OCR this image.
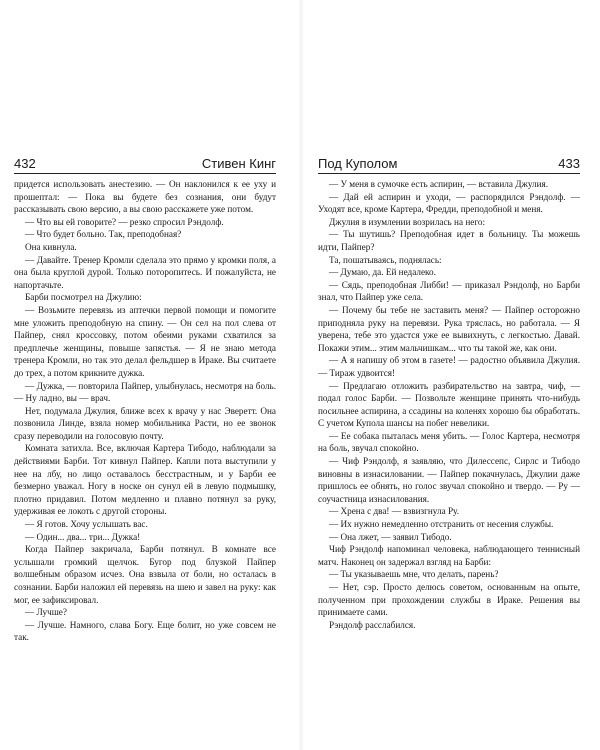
432	Стивен Кинг

придется использовать анестезию. — Он наклонился к ее уху и прошептал: — Пока вы будете без сознания, они будут рассказывать свою версию, а вы свою расскажете уже потом.

— Что вы ей говорите? — резко спросил Рэндолф.

— Что будет больно. Так, преподобная?

Она кивнула.

— Давайте. Тренер Кромли сделала это прямо у кромки поля, а она была круглой дурой. Только поторопитесь. И пожалуйста, не напортачьте.

Барби посмотрел на Джулию:

— Возьмите перевязь из аптечки первой помощи и помогите мне уложить преподобную на спину. — Он сел на пол слева от Пайпер, снял кроссовку, потом обеими руками схватился за предплечье женщины, повыше запястья. — Я не знаю метода тренера Кромли, но так это делал фельдшер в Ираке. Вы считаете до трех, а потом крикните дужка.

— Дужка, — повторила Пайпер, улыбнулась, несмотря на боль. — Ну ладно, вы — врач.

Нет, подумала Джулия, ближе всех к врачу у нас Эверетт. Она позвонила Линде, взяла номер мобильника Расти, но ее звонок сразу переводили на голосовую почту.

Комната затихла. Все, включая Картера Тибодо, наблюдали за действиями Барби. Тот кивнул Пайпер. Капли пота выступили у нее на лбу, но лицо оставалось бесстрастным, и у Барби ее безмерно уважал. Ногу в носке он сунул ей в левую подмышку, плотно придавил. Потом медленно и плавно потянул за руку, удерживая ее локоть с другой стороны.

— Я готов. Хочу услышать вас.

— Один... два... три... Дужка!

Когда Пайпер закричала, Барби потянул. В комнате все услышали громкий щелчок. Бугор под блузкой Пайпер волшебным образом исчез. Она взвыла от боли, но осталась в сознании. Барби наложил ей перевязь на шею и завел на руку: как мог, ее зафиксировал.

— Лучше?

— Лучше. Намного, слава Богу. Еще болит, но уже совсем не так.

Под Куполом	433

— У меня в сумочке есть аспирин, — вставила Джулия.

— Дай ей аспирин и уходи, — распорядился Рэндолф. — Уходят все, кроме Картера, Фредди, преподобной и меня.

Джулия в изумлении возрилась на него:

— Ты шутишь? Преподобная идет в больницу. Ты можешь идти, Пайпер?

Та, пошатываясь, поднялась:

— Думаю, да. Ей недалеко.

— Сядь, преподобная Либби! — приказал Рэндолф, но Барби знал, что Пайпер уже села.

— Почему бы тебе не заставить меня? — Пайпер осторожно приподняла руку на перевязи. Рука тряслась, но работала. — Я уверена, тебе это удастся уже ее вывихнуть, с легкостью. Давай. Покажи этим... этим мальчишкам... что ты такой же, как они.

— А я напишу об этом в газете! — радостно объявила Джулия. — Тираж удвоится!

— Предлагаю отложить разбирательство на завтра, чиф, — подал голос Барби. — Позвольте женщине принять что-нибудь посильнее аспирина, а ссадины на коленях хорошо бы обработать. С учетом Купола шансы на побег невелики.

— Ее собака пыталась меня убить. — Голос Картера, несмотря на боль, звучал спокойно.

— Чиф Рэндолф, я заявляю, что Дилессепс, Сирлс и Тибодо виновны в изнасиловании. — Пайпер покачнулась, Джулии даже пришлось ее обнять, но голос звучал спокойно и твердо. — Ру — соучастница изнасилования.

— Хрена с два! — взвизгнула Ру.

— Их нужно немедленно отстранить от несения службы.

— Она лжет, — заявил Тибодо.

Чиф Рэндолф напоминал человека, наблюдающего теннисный матч. Наконец он задержал взгляд на Барби:

— Ты указываешь мне, что делать, парень?

— Нет, сэр. Просто делюсь советом, основанным на опыте, полученном при прохождении службы в Ираке. Решения вы принимаете сами.

Рэндолф расслабился.
